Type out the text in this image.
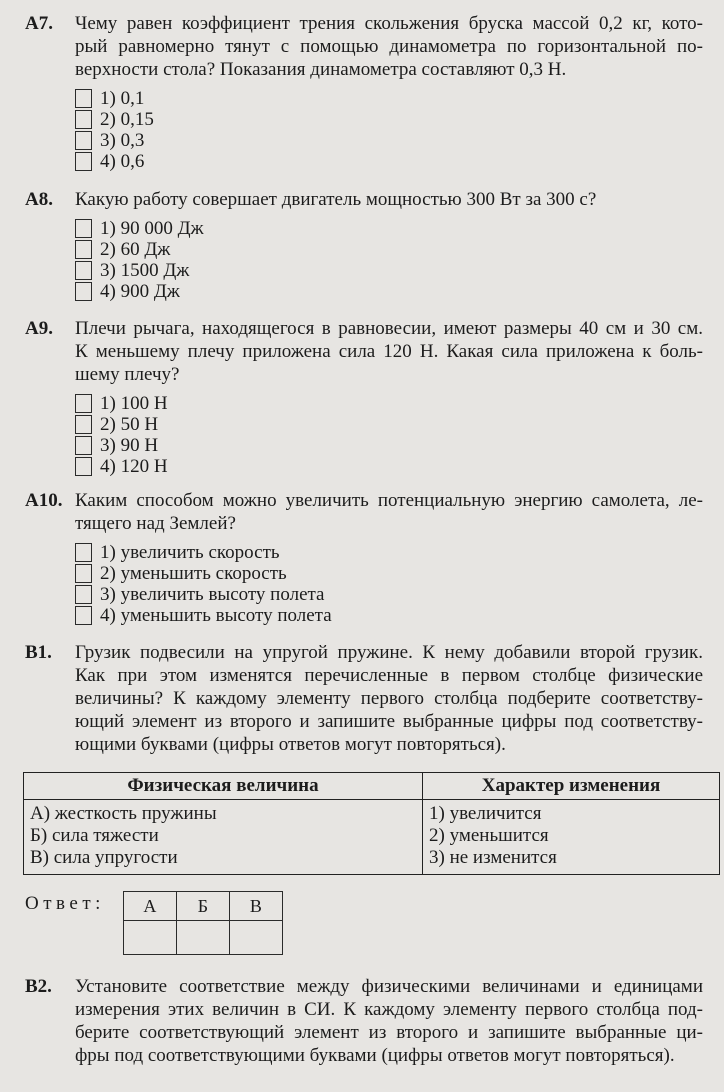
А7.	Чему равен коэффициент трения скольжения бруска массой 0,2 кг, кото-
рый равномерно тянут с помощью динамометра по горизонтальной по-
верхности стола? Показания динамометра составляют 0,3 Н.
1) 0,1
2) 0,15
3) 0,3
4) 0,6
А8.	Какую работу совершает двигатель мощностью 300 Вт за 300 с?
1) 90 000 Дж
2) 60 Дж
3) 1500 Дж
4) 900 Дж
А9.	Плечи рычага, находящегося в равновесии, имеют размеры 40 см и 30 см.
К меньшему плечу приложена сила 120 Н. Какая сила приложена к боль-
шему плечу?
1) 100 Н
2) 50 Н
3) 90 Н
4) 120 Н
А10. Каким способом можно увеличить потенциальную энергию самолета, ле-
тящего над Землей?
1) увеличить скорость
2) уменьшить скорость
3) увеличить высоту полета
4) уменьшить высоту полета
В1.	Грузик подвесили на упругой пружине. К нему добавили второй грузик.
Как при этом изменятся перечисленные в первом столбце физические
величины? К каждому элементу первого столбца подберите соответству-
ющий элемент из второго и запишите выбранные цифры под соответству-
ющими буквами (цифры ответов могут повторяться).
Физическая величина	Характер изменения

А) жесткость пружины
Б) сила тяжести
В) сила упругости

1) увеличится
2) уменьшится
3) не изменится
Ответ: А	Б	В

В2.	Установите соответствие между физическими величинами и единицами
измерения этих величин в СИ. К каждому элементу первого столбца под-
берите соответствующий элемент из второго и запишите выбранные ци-
фры под соответствующими буквами (цифры ответов могут повторяться).
